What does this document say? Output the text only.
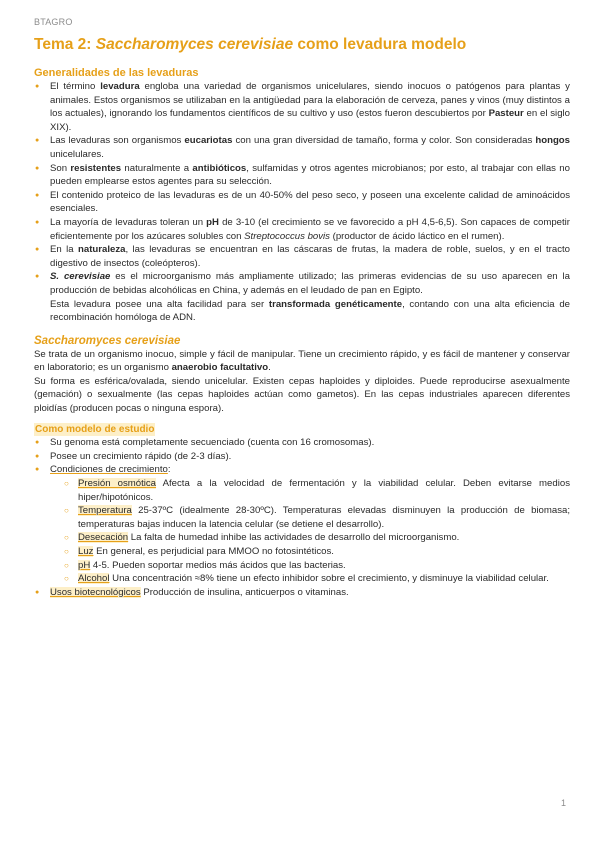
BTAGRO
Tema 2: Saccharomyces cerevisiae como levadura modelo
Generalidades de las levaduras
● El término levadura engloba una variedad de organismos unicelulares, siendo inocuos o patógenos para plantas y animales. Estos organismos se utilizaban en la antigüedad para la elaboración de cerveza, panes y vinos (muy distintos a los actuales), ignorando los fundamentos científicos de su cultivo y uso (estos fueron descubiertos por Pasteur en el siglo XIX).
● Las levaduras son organismos eucariotas con una gran diversidad de tamaño, forma y color. Son consideradas hongos unicelulares.
● Son resistentes naturalmente a antibióticos, sulfamidas y otros agentes microbianos; por esto, al trabajar con ellas no pueden emplearse estos agentes para su selección.
● El contenido proteico de las levaduras es de un 40-50% del peso seco, y poseen una excelente calidad de aminoácidos esenciales.
● La mayoría de levaduras toleran un pH de 3-10 (el crecimiento se ve favorecido a pH 4,5-6,5). Son capaces de competir eficientemente por los azúcares solubles con Streptococcus bovis (productor de ácido láctico en el rumen).
● En la naturaleza, las levaduras se encuentran en las cáscaras de frutas, la madera de roble, suelos, y en el tracto digestivo de insectos (coleópteros).
● S. cerevisiae es el microorganismo más ampliamente utilizado; las primeras evidencias de su uso aparecen en la producción de bebidas alcohólicas en China, y además en el leudado de pan en Egipto.
Esta levadura posee una alta facilidad para ser transformada genéticamente, contando con una alta eficiencia de recombinación homóloga de ADN.
Saccharomyces cerevisiae

Se trata de un organismo inocuo, simple y fácil de manipular. Tiene un crecimiento rápido, y es fácil de mantener y conservar en laboratorio; es un organismo anaerobio facultativo.

Su forma es esférica/ovalada, siendo unicelular. Existen cepas haploides y diploides. Puede reproducirse asexualmente (gemación) o sexualmente (las cepas haploides actúan como gametos). En las cepas industriales aparecen diferentes ploidías (producen pocas o ninguna espora).

Como modelo de estudio
● Su genoma está completamente secuenciado (cuenta con 16 cromosomas).
● Posee un crecimiento rápido (de 2-3 días).
● Condiciones de crecimiento:
○ Presión osmótica Afecta a la velocidad de fermentación y la viabilidad celular. Deben evitarse medios hiper/hipotónicos.
○ Temperatura 25-37ºC (idealmente 28-30ºC). Temperaturas elevadas disminuyen la producción de biomasa; temperaturas bajas inducen la latencia celular (se detiene el desarrollo).
○ Desecación La falta de humedad inhibe las actividades de desarrollo del microorganismo.
○ Luz En general, es perjudicial para MMOO no fotosintéticos.
○ pH 4-5. Pueden soportar medios más ácidos que las bacterias.
○ Alcohol Una concentración ≈8% tiene un efecto inhibidor sobre el crecimiento, y disminuye la viabilidad celular.
● Usos biotecnológicos Producción de insulina, anticuerpos o vitaminas.
1
